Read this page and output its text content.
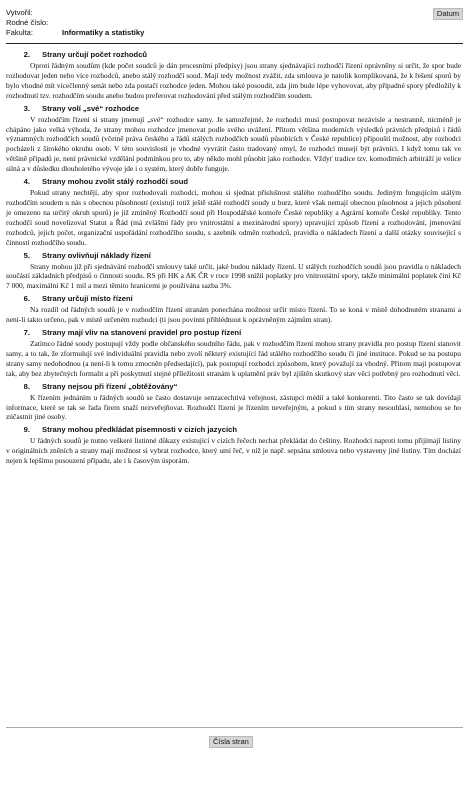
Vytvořil:
Rodné číslo:
Fakulta:	Informatiky a statistiky
Datum
2.	Strany určují počet rozhodců

Oproti řádným soudům (kde počet soudců je dán procesními předpisy) jsou strany sjednávající rozhodčí řízení oprávněny si určit, že spor bude rozhodovat jeden nebo více rozhodců, anebo stálý rozhodčí soud. Mají tedy možnost zvážit, zda smlouva je natolik komplikovaná, že k řešení sporů by bylo vhodné mít vícečlenný senát nebo zda postačí rozhodce jeden. Mohou také posoudit, zda jim bude lépe vyhovovat, aby případné spory předložily k rozhodnutí tzv. rozhodčím soudu anebo budou preferovat rozhodování před stálým rozhodčím soudem.

3.	Strany volí „své“ rozhodce

V rozhodčím řízení si strany jmenují „své“ rozhodce samy. Je samozřejmé, že rozhodci musí postupovat nezávisle a nestranně, nicméně je chápáno jako velká výhoda, že strany mohou rozhodce jmenovat podle svého uvážení. Přitom většina moderních výsledků právních předpisů i řádů významných rozhodčích soudů (včetně práva českého a řádů stálých rozhodčích soudů působících v České republice) připouští možnost, aby rozhodci pocházeli z širokého okruhu osob. V této souvislosti je vhodné vyvrátit často tradovaný omyl, že rozhodci musejí být právníci. I když tomu tak ve většině případů je, není právnické vzdělání podmínkou pro to, aby někdo mohl působit jako rozhodce. Vždyť tradice tzv. komoditních arbitráží je velice silná a v důsledku dlouholetého vývoje jde i o systém, který dobře funguje.

4.	Strany mohou zvolit stálý rozhodčí soud

Pokud strany nechtějí, aby spor rozhodovali rozhodci, mohou si sjednat příslušnost stálého rozhodčího soudu. Jediným fungujícím stálým rozhodčím soudem u nás s obecnou působností (existují totiž ještě stálé rozhodčí soudy u burz, které však nemají obecnou působnost a jejich působení je omezeno na určitý okruh sporů) je již zmíněný Rozhodčí soud při Hospodářské komoře České republiky a Agrární komoře České republiky. Tento rozhodčí soud novelizoval Statut a Řád (má zvláštní řády pro vnitrostátní a mezinárodní spory) upravující způsob řízení a rozhodování, jmenování rozhodců, jejich počet, organizační uspořádání rozhodčího soudu, s azebník odměn rozhodců, pravidla o nákladech řízení a další otázky související s činností rozhodčího soudu.

5.	Strany ovlivňují náklady řízení

Strany mohou již při sjednávání rozhodčí smlouvy také určit, jaké budou náklady řízení. U stálých rozhodčích soudů jsou pravidla o nákladech součástí základních předpisů o činnosti soudu. RS při HK a AK ČR v roce 1998 snížil poplatky pro vnitrostátní spory, takže minimální poplatek činí Kč 7 000, maximální Kč 1 mil a mezi těmito hranicemi je používána sazba 3%.

6.	Strany určují místo řízení

Na rozdíl od řádných soudů je v rozhodčím řízení stranám ponechána možnost určit místo řízení. To se koná v místě dohodnutém stranami a není-li takto určeno, pak v místě určeném rozhodci (ti jsou povinni přihlédnout k oprávněným zájmům stran).

7.	Strany mají vliv na stanovení pravidel pro postup řízení

Zatímco řádné soudy postupují vždy podle občanského soudního řádu, pak v rozhodčím řízení mohou strany pravidla pro postup řízení stanovit samy, a to tak, že zformulují své individuální pravidla nebo zvolí některý existující řád stálého rozhodčího soudu či jiné instituce. Pokud se na postupu strany samy nedohodnou (a není-li k tomu zmocněn předsedající), pak postupují rozhodci způsobem, který považují za vhodný. Přitom mají postupovat tak, aby bez zbytečných formalit a při poskytnutí stejné příležitosti stranám k uplatnění práv byl zjištěn skutkový stav věci potřebný pro rozhodnutí věci.

8.	Strany nejsou při řízení „obtěžovány“

K řízením jednáním u řádných soudů se často dostavuje senzacechtivá veřejnost, zástupci médií a také konkurenti. Tito často se tak dovídají informace, které se tak se řada firem snaží nezveřejňovat. Rozhodčí řízení je řízením neveřejným, a pokud s tím strany nesouhlasí, nemohou se ho zúčastnit jiné osoby.

9.	Strany mohou předkládat písemnosti v cizích jazycích

U řádných soudů je nutno veškeré listinné důkazy existující v cizích řečech nechat překládat do češtiny. Rozhodci naproti tomu přijímají listiny v originálních zněních a strany mají možnost si vybrat rozhodce, který umí řeč, v níž je např. sepsána smlouva nebo vystaveny jiné listiny. Tím dochází nejen k lepšímu posouzení případu, ale i k časovým úsporám.

Čísla stran
